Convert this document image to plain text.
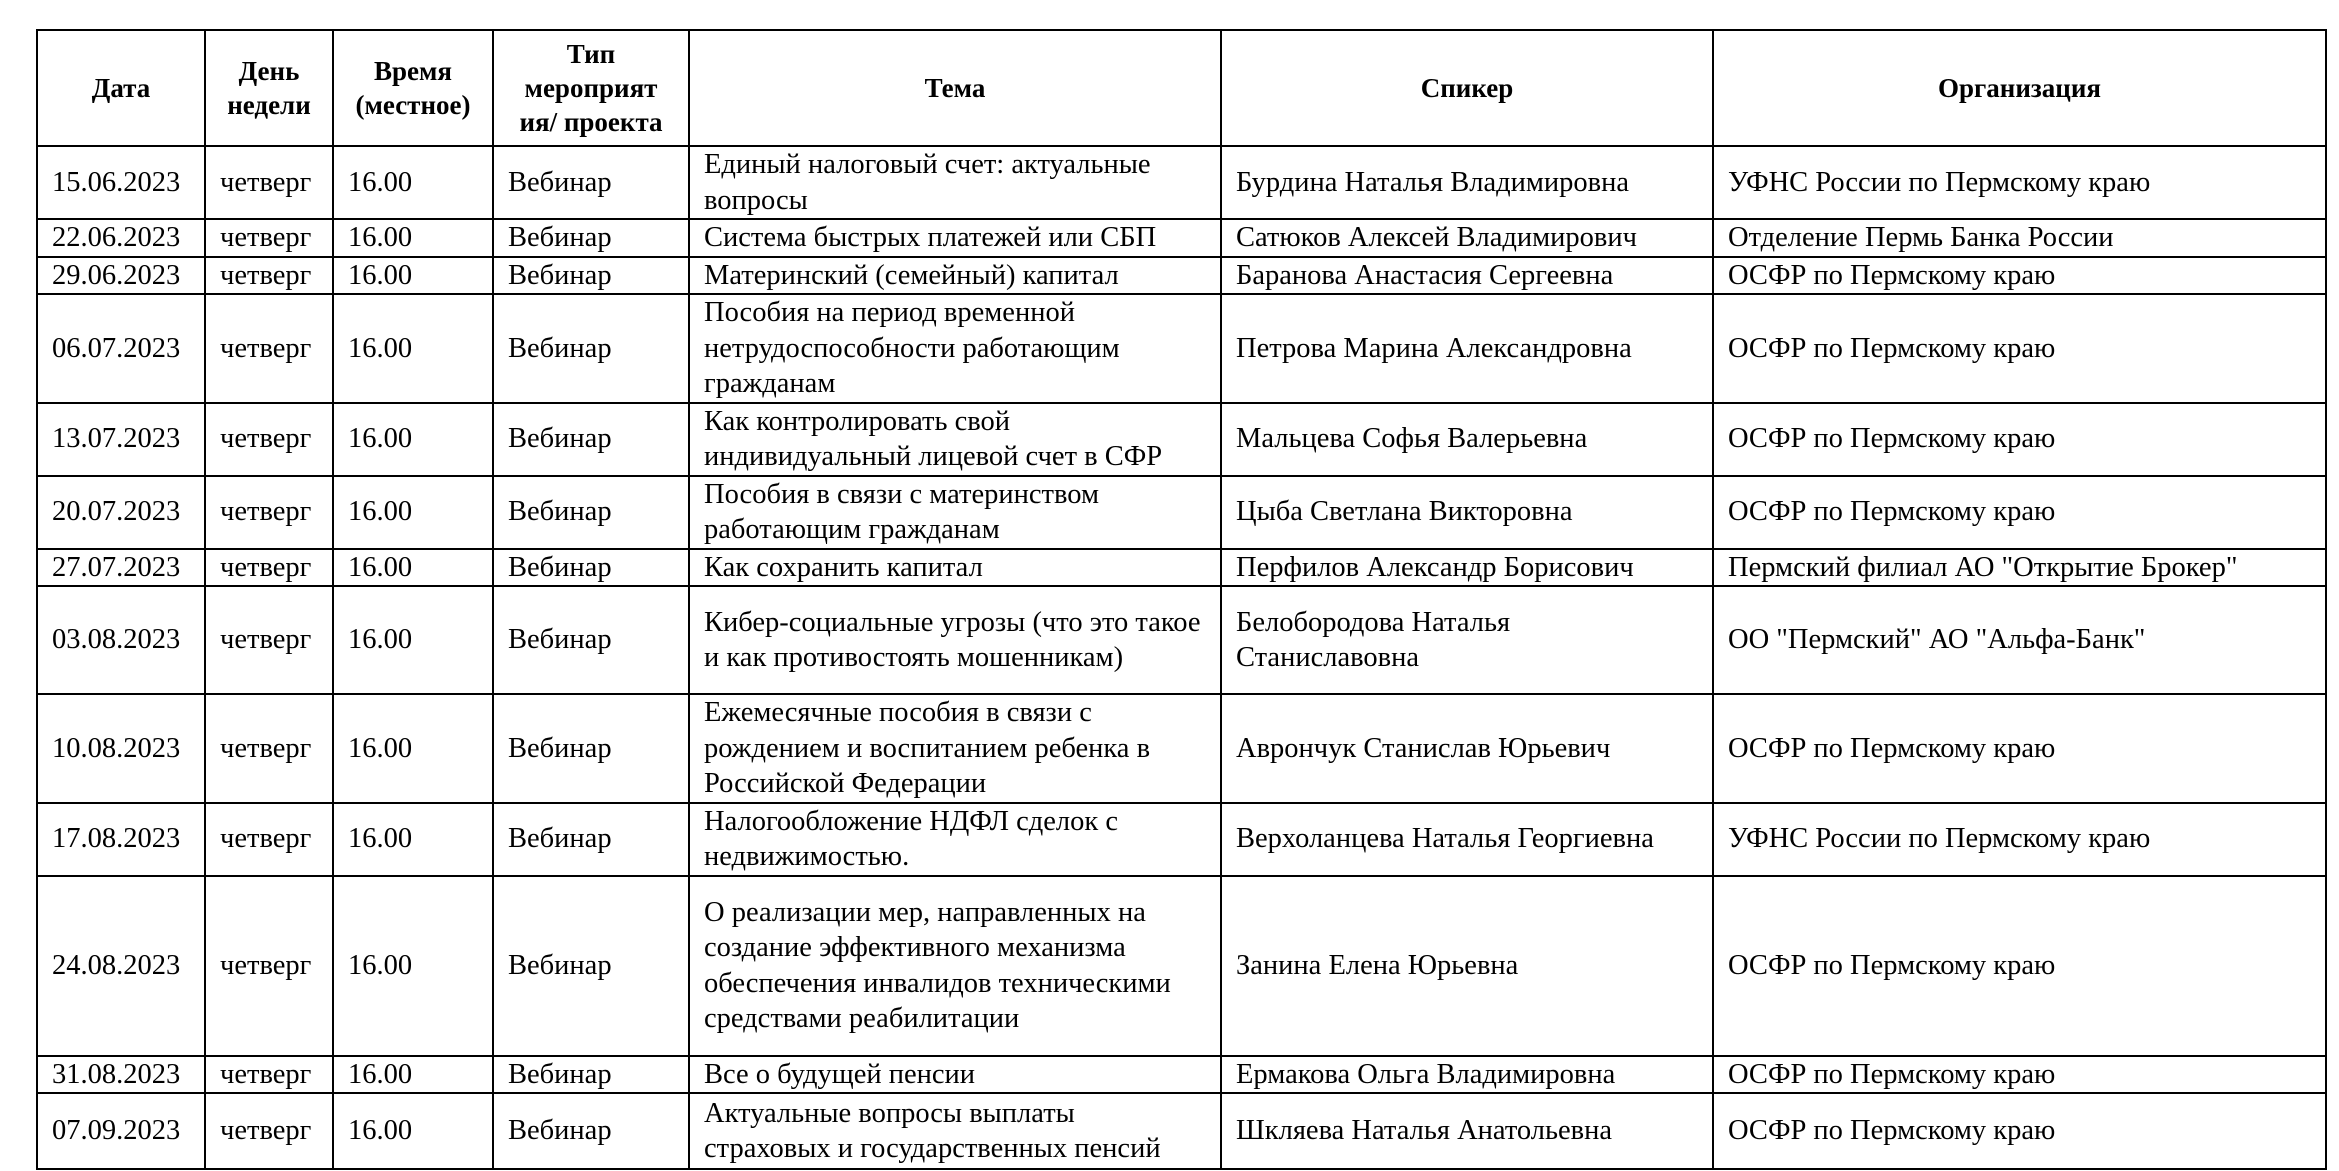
Дата	День недели	Время (местное)	Тип мероприят ия/ проекта	Тема	Спикер	Организация
15.06.2023	четверг	16.00	Вебинар	Единый налоговый счет: актуальные вопросы	Бурдина Наталья Владимировна	УФНС России по Пермскому краю
22.06.2023	четверг	16.00	Вебинар	Система быстрых платежей или СБП	Сатюков Алексей Владимирович	Отделение Пермь Банка России
29.06.2023	четверг	16.00	Вебинар	Материнский (семейный) капитал	Баранова Анастасия Сергеевна	ОСФР по Пермскому краю
06.07.2023	четверг	16.00	Вебинар	Пособия на период временной нетрудоспособности работающим гражданам	Петрова Марина Александровна	ОСФР по Пермскому краю
13.07.2023	четверг	16.00	Вебинар	Как контролировать свой индивидуальный лицевой счет в СФР	Мальцева Софья Валерьевна	ОСФР по Пермскому краю
20.07.2023	четверг	16.00	Вебинар	Пособия в связи с материнством работающим гражданам	Цыба Светлана Викторовна	ОСФР по Пермскому краю
27.07.2023	четверг	16.00	Вебинар	Как сохранить капитал	Перфилов Александр Борисович	Пермский филиал АО "Открытие Брокер"
03.08.2023	четверг	16.00	Вебинар	Кибер-социальные угрозы (что это такое и как противостоять мошенникам)	Белобородова Наталья Станиславовна	ОО "Пермский" АО "Альфа-Банк"
10.08.2023	четверг	16.00	Вебинар	Ежемесячные пособия в связи с рождением и воспитанием ребенка в Российской Федерации	Аврончук Станислав Юрьевич	ОСФР по Пермскому краю
17.08.2023	четверг	16.00	Вебинар	Налогообложение НДФЛ сделок с недвижимостью.	Верхоланцева Наталья Георгиевна	УФНС России по Пермскому краю
24.08.2023	четверг	16.00	Вебинар	О реализации мер, направленных на создание эффективного механизма обеспечения инвалидов техническими средствами реабилитации	Занина Елена Юрьевна	ОСФР по Пермскому краю
31.08.2023	четверг	16.00	Вебинар	Все о будущей пенсии	Ермакова Ольга Владимировна	ОСФР по Пермскому краю
07.09.2023	четверг	16.00	Вебинар	Актуальные вопросы выплаты страховых и государственных пенсий	Шкляева Наталья Анатольевна	ОСФР по Пермскому краю
